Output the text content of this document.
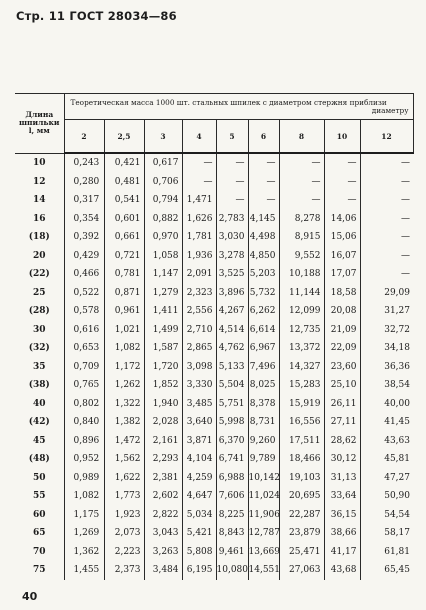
Стр. 11 ГОСТ 28034—86
Длина шпильки l, мм	Теоретическая масса 1000 шт. стальных шпилек с диаметром стержня приблизи
диаметру								

	2	2,5	3	4	5	6	8	10	12
10	0,243	0,421	0,617	—	—	—	—	—	—
12	0,280	0,481	0,706	—	—	—	—	—	—
14	0,317	0,541	0,794	1,471	—	—	—	—	—
16	0,354	0,601	0,882	1,626	2,783	4,145	8,278	14,06	—
(18)	0,392	0,661	0,970	1,781	3,030	4,498	8,915	15,06	—
20	0,429	0,721	1,058	1,936	3,278	4,850	9,552	16,07	—
(22)	0,466	0,781	1,147	2,091	3,525	5,203	10,188	17,07	—
25	0,522	0,871	1,279	2,323	3,896	5,732	11,144	18,58	29,09
(28)	0,578	0,961	1,411	2,556	4,267	6,262	12,099	20,08	31,27
30	0,616	1,021	1,499	2,710	4,514	6,614	12,735	21,09	32,72
(32)	0,653	1,082	1,587	2,865	4,762	6,967	13,372	22,09	34,18
35	0,709	1,172	1,720	3,098	5,133	7,496	14,327	23,60	36,36
(38)	0,765	1,262	1,852	3,330	5,504	8,025	15,283	25,10	38,54
40	0,802	1,322	1,940	3,485	5,751	8,378	15,919	26,11	40,00
(42)	0,840	1,382	2,028	3,640	5,998	8,731	16,556	27,11	41,45
45	0,896	1,472	2,161	3,871	6,370	9,260	17,511	28,62	43,63
(48)	0,952	1,562	2,293	4,104	6,741	9,789	18,466	30,12	45,81
50	0,989	1,622	2,381	4,259	6,988	10,142	19,103	31,13	47,27
55	1,082	1,773	2,602	4,647	7,606	11,024	20,695	33,64	50,90
60	1,175	1,923	2,822	5,034	8,225	11,906	22,287	36,15	54,54
65	1,269	2,073	3,043	5,421	8,843	12,787	23,879	38,66	58,17
70	1,362	2,223	3,263	5,808	9,461	13,669	25,471	41,17	61,81
75	1,455	2,373	3,484	6,195	10,080	14,551	27,063	43,68	65,45
40
